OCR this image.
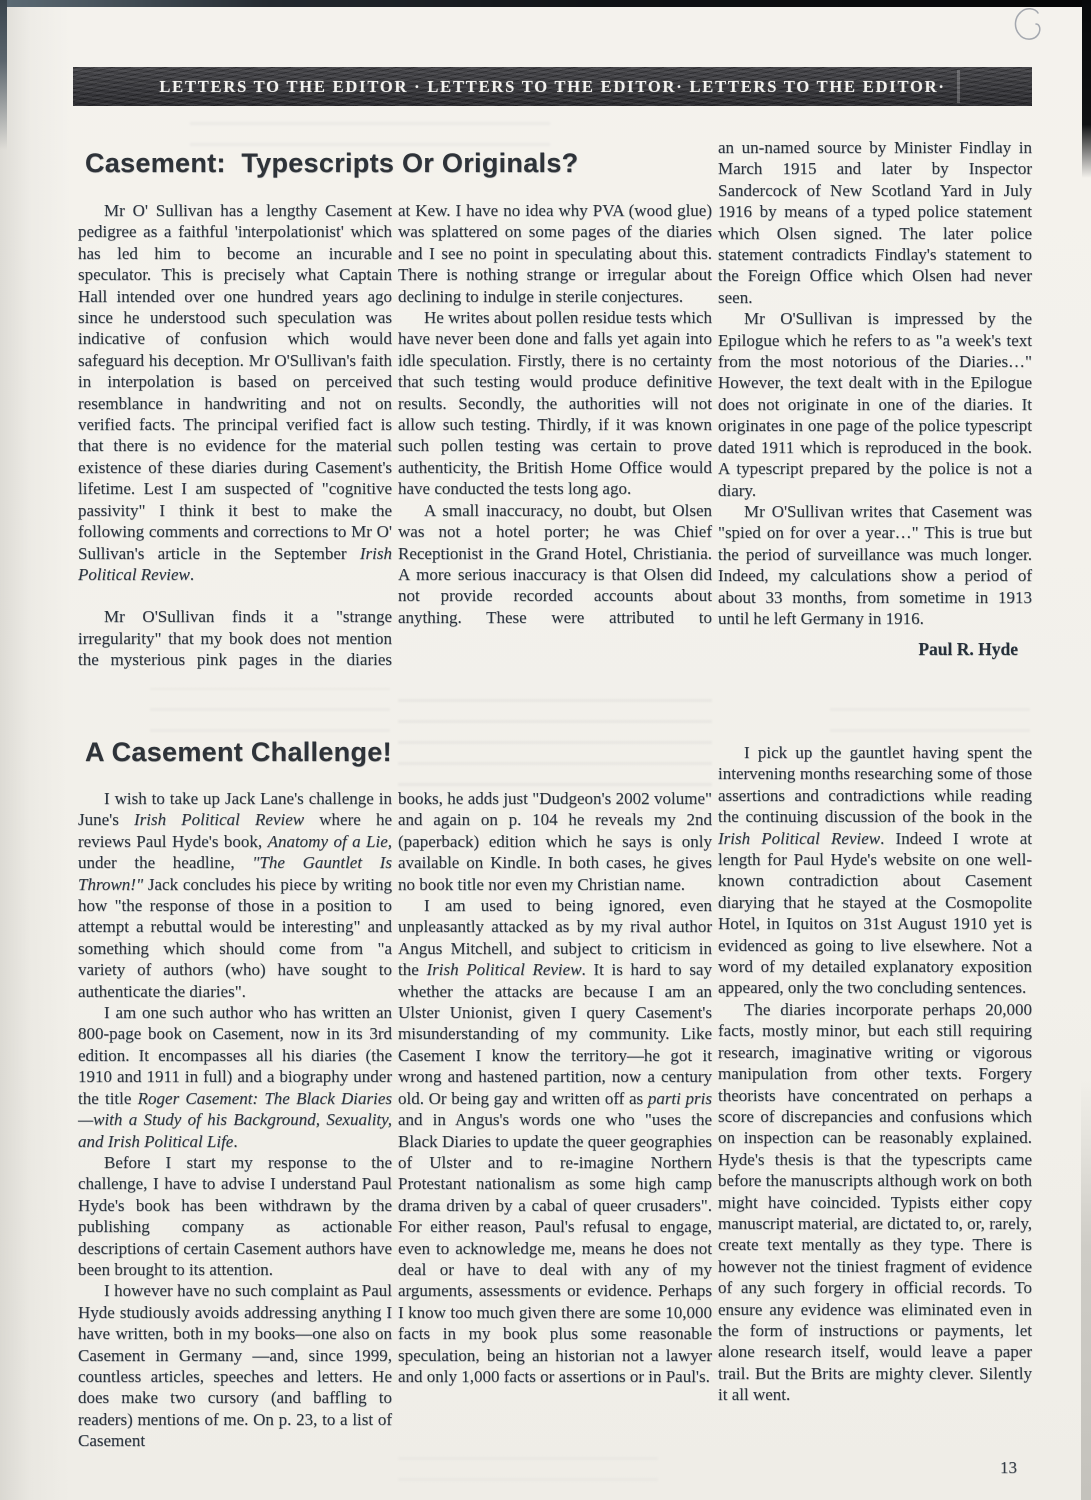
LETTERS TO THE EDITOR · LETTERS TO THE EDITOR· LETTERS TO THE EDITOR·
Casement:  Typescripts Or Originals?

Mr O' Sullivan has a lengthy Casement pedigree as a faithful 'interpolationist' which has led him to become an incurable speculator. This is precisely what Captain Hall intended over one hundred years ago since he understood such speculation was indicative of confusion which would safeguard his deception. Mr O'Sullivan's faith in interpolation is based on perceived resemblance in handwriting and not on verified facts. The principal verified fact is that there is no evidence for the material existence of these diaries during Casement's lifetime. Lest I am suspected of "cognitive passivity" I think it best to make the following comments and corrections to Mr O' Sullivan's article in the September Irish Political Review.

Mr O'Sullivan finds it a "strange irregularity" that my book does not mention the mysterious pink pages in the diaries

at Kew. I have no idea why PVA (wood glue) was splattered on some pages of the diaries and I see no point in speculating about this. There is nothing strange or irregular about declining to indulge in sterile conjectures.

He writes about pollen residue tests which have never been done and falls yet again into idle speculation. Firstly, there is no certainty that such testing would produce definitive results. Secondly, the authorities will not allow such testing. Thirdly, if it was known such pollen testing was certain to prove authenticity, the British Home Office would have conducted the tests long ago.

A small inaccuracy, no doubt, but Olsen was not a hotel porter; he was Chief Receptionist in the Grand Hotel, Christiania. A more serious inaccuracy is that Olsen did not provide recorded accounts about anything. These were attributed to

an un-named source by Minister Findlay in March 1915 and later by Inspector Sandercock of New Scotland Yard in July 1916 by means of a typed police statement which Olsen signed. The later police statement contradicts Findlay's statement to the Foreign Office which Olsen had never seen.

Mr O'Sullivan is impressed by the Epilogue which he refers to as "a week's text from the most notorious of the Diaries…" However, the text dealt with in the Epilogue does not originate in one of the diaries. It originates in one page of the police typescript dated 1911 which is reproduced in the book. A typescript prepared by the police is not a diary.

Mr O'Sullivan writes that Casement was "spied on for over a year…" This is true but the period of surveillance was much longer. Indeed, my calculations show a period of about 33 months, from sometime in 1913 until he left Germany in 1916.

Paul R. Hyde
A Casement Challenge!

I wish to take up Jack Lane's challenge in June's Irish Political Review where he reviews Paul Hyde's book, Anatomy of a Lie, under the headline, "The Gauntlet Is Thrown!" Jack concludes his piece by writing how "the response of those in a position to attempt a rebuttal would be interesting" and something which should come from "a variety of authors (who) have sought to authenticate the diaries".

I am one such author who has written an 800-page book on Casement, now in its 3rd edition. It encompasses all his diaries (the 1910 and 1911 in full) and a biography under the title Roger Casement: The Black Diaries—with a Study of his Background, Sexuality, and Irish Political Life.

Before I start my response to the challenge, I have to advise I understand Paul Hyde's book has been withdrawn by the publishing company as actionable descriptions of certain Casement authors have been brought to its attention.

I however have no such complaint as Paul Hyde studiously avoids addressing anything I have written, both in my books—one also on Casement in Germany —and, since 1999, countless articles, speeches and letters. He does make two cursory (and baffling to readers) mentions of me. On p. 23, to a list of Casement

books, he adds just "Dudgeon's 2002 volume" and again on p. 104 he reveals my 2nd (paperback) edition which he says is only available on Kindle. In both cases, he gives no book title nor even my Christian name.

I am used to being ignored, even unpleasantly attacked as by my rival author Angus Mitchell, and subject to criticism in the Irish Political Review. It is hard to say whether the attacks are because I am an Ulster Unionist, given I query Casement's misunderstanding of my community. Like Casement I know the territory—he got it wrong and hastened partition, now a century old. Or being gay and written off as parti pris and in Angus's words one who "uses the Black Diaries to update the queer geographies of Ulster and to re-imagine Northern Protestant nationalism as some high camp drama driven by a cabal of queer crusaders". For either reason, Paul's refusal to engage, even to acknowledge me, means he does not deal or have to deal with any of my arguments, assessments or evidence. Perhaps I know too much given there are some 10,000 facts in my book plus some reasonable speculation, being an historian not a lawyer and only 1,000 facts or assertions or in Paul's.

I pick up the gauntlet having spent the intervening months researching some of those assertions and contradictions while reading the continuing discussion of the book in the Irish Political Review. Indeed I wrote at length for Paul Hyde's website on one well-known contradiction about Casement diarying that he stayed at the Cosmopolite Hotel, in Iquitos on 31st August 1910 yet is evidenced as going to live elsewhere. Not a word of my detailed explanatory exposition appeared, only the two concluding sentences.

The diaries incorporate perhaps 20,000 facts, mostly minor, but each still requiring research, imaginative writing or vigorous manipulation from other texts. Forgery theorists have concentrated on perhaps a score of discrepancies and confusions which on inspection can be reasonably explained. Hyde's thesis is that the typescripts came before the manuscripts although work on both might have coincided. Typists either copy manuscript material, are dictated to, or, rarely, create text mentally as they type. There is however not the tiniest fragment of evidence of any such forgery in official records. To ensure any evidence was eliminated even in the form of instructions or payments, let alone research itself, would leave a paper trail. But the Brits are mighty clever. Silently it all went.

13
